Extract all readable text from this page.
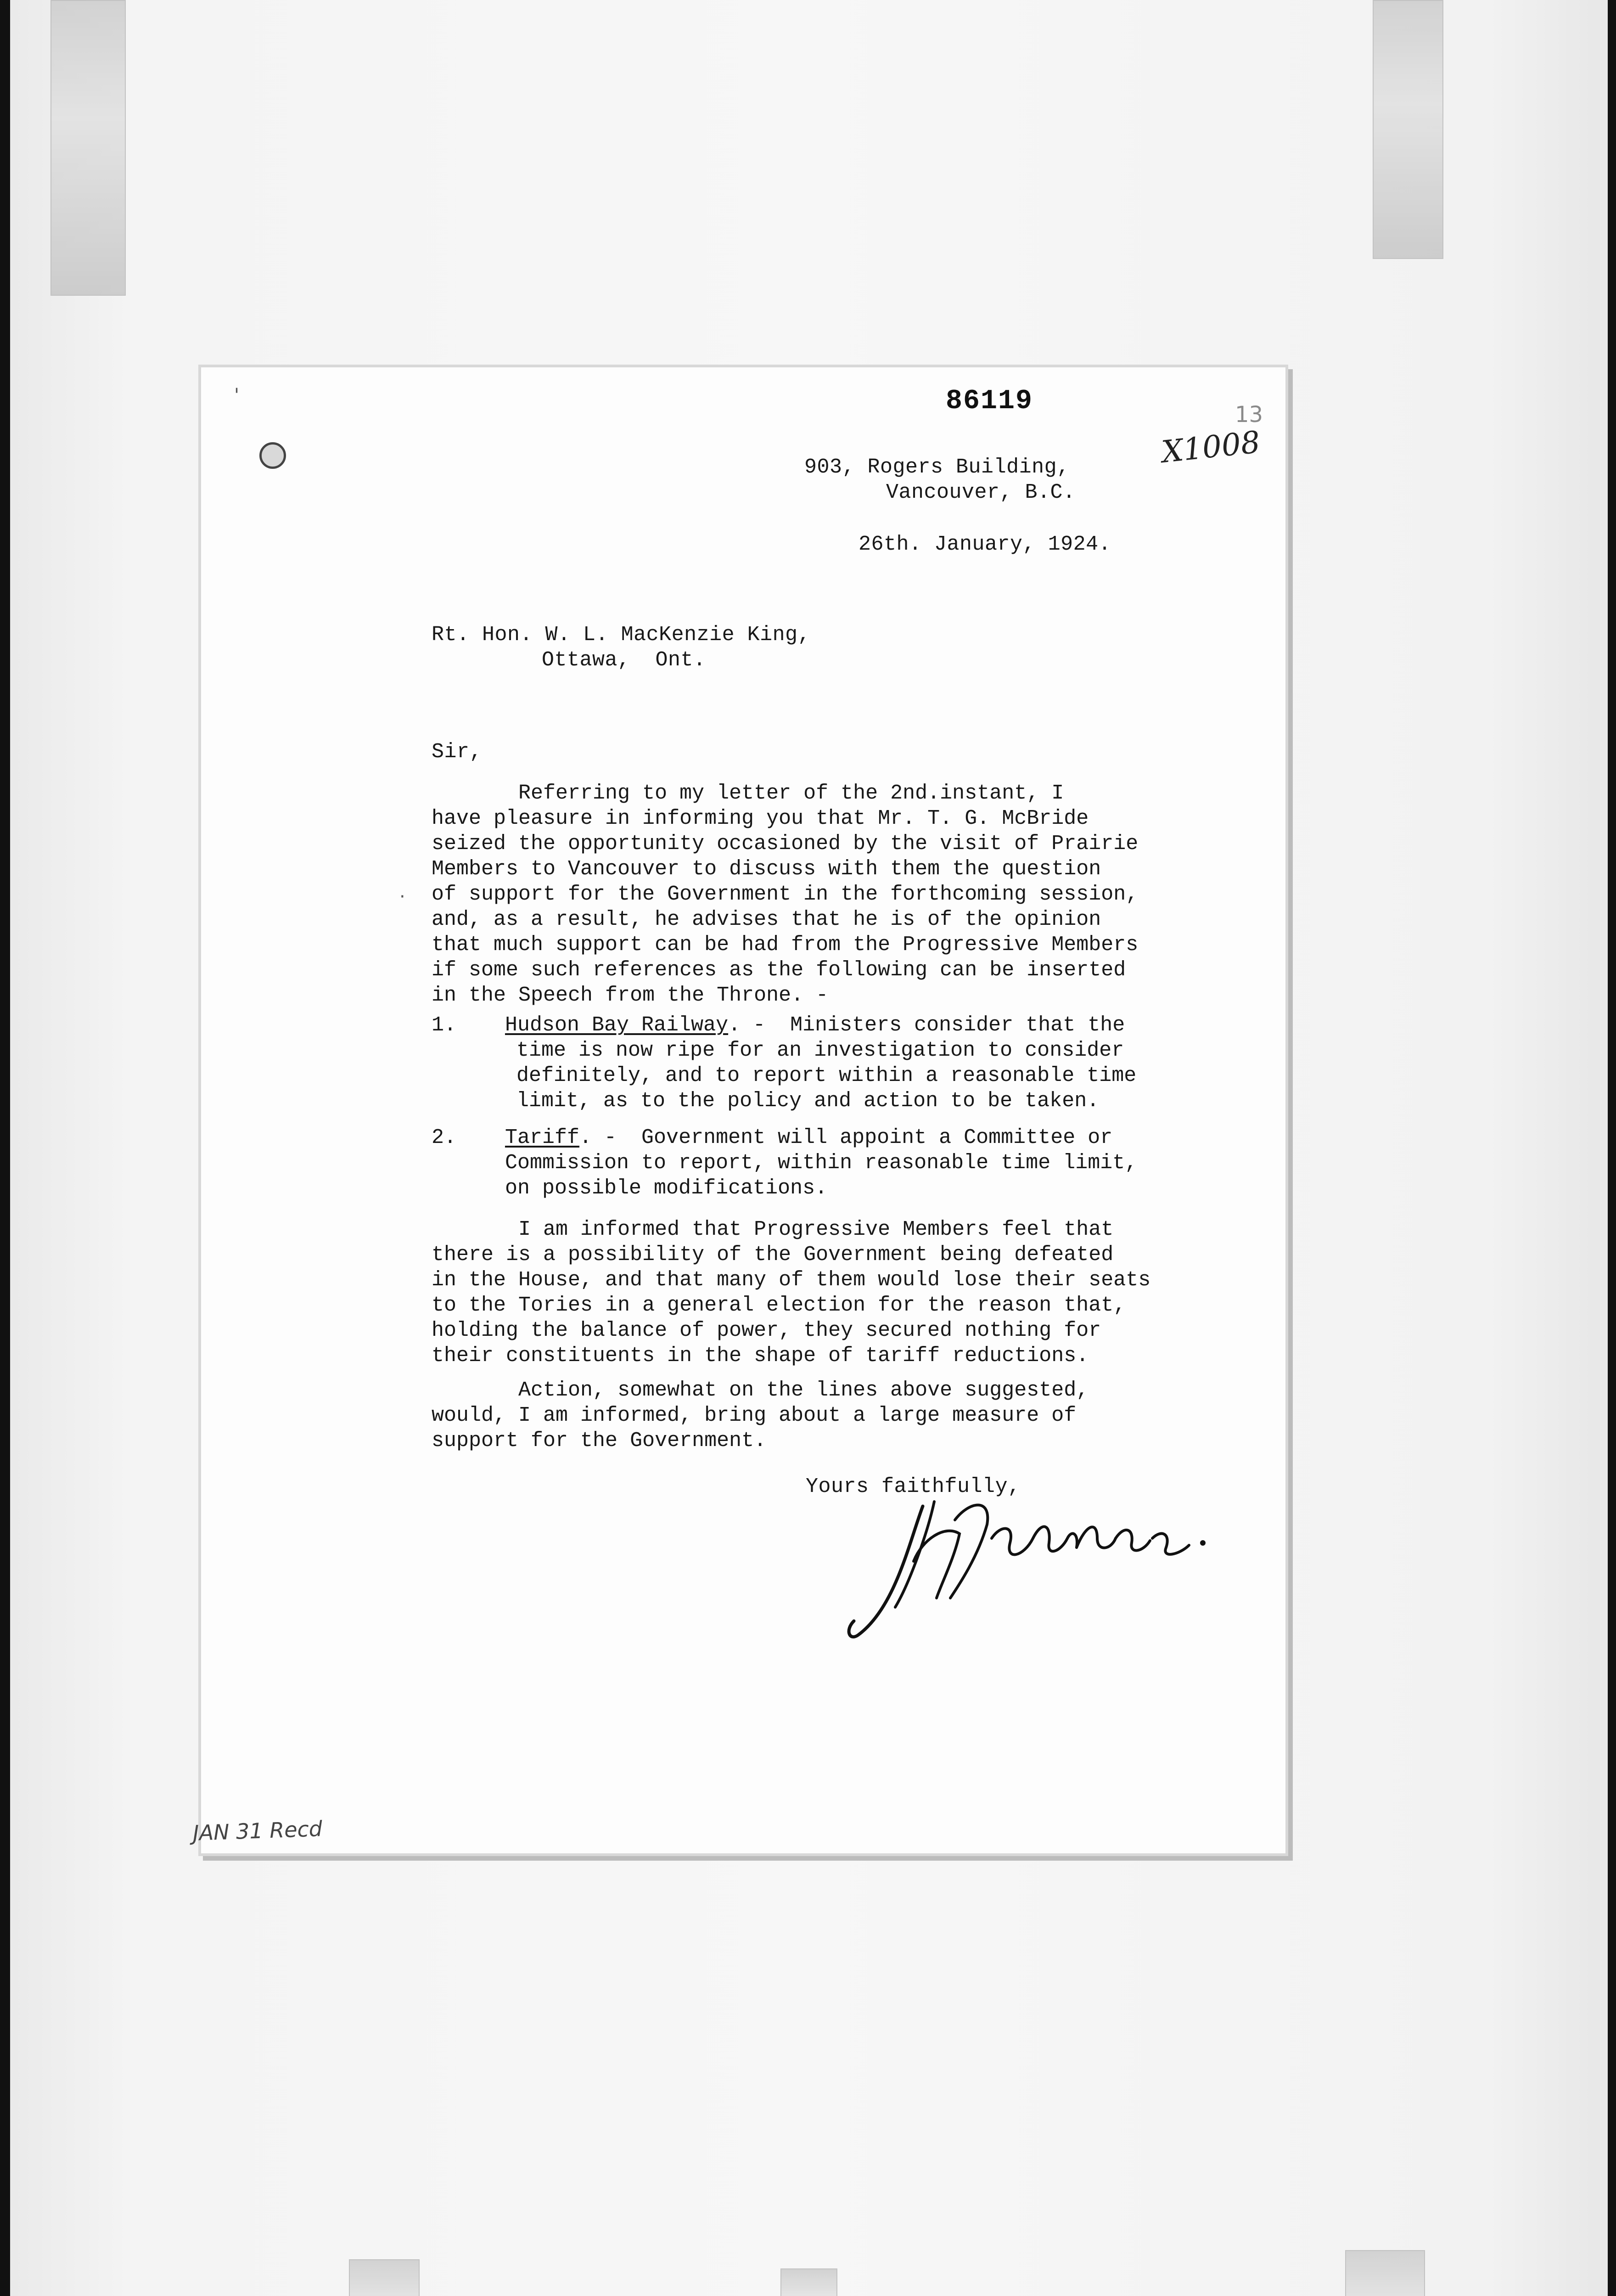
86119	13
X1008
'
·
903, Rogers Building,
Vancouver, B.C.
26th. January, 1924.
Rt. Hon. W. L. MacKenzie King,
Ottawa,  Ont.
Sir,
Referring to my letter of the 2nd.instant, I
have pleasure in informing you that Mr. T. G. McBride
seized the opportunity occasioned by the visit of Prairie
Members to Vancouver to discuss with them the question
of support for the Government in the forthcoming session,
and, as a result, he advises that he is of the opinion
that much support can be had from the Progressive Members
if some such references as the following can be inserted
in the Speech from the Throne. -
1. Hudson Bay Railway. -  Ministers consider that the
time is now ripe for an investigation to consider
definitely, and to report within a reasonable time
limit, as to the policy and action to be taken.
2. Tariff. -  Government will appoint a Committee or
Commission to report, within reasonable time limit,
on possible modifications.
I am informed that Progressive Members feel that
there is a possibility of the Government being defeated
in the House, and that many of them would lose their seats
to the Tories in a general election for the reason that,
holding the balance of power, they secured nothing for
their constituents in the shape of tariff reductions.
Action, somewhat on the lines above suggested,
would, I am informed, bring about a large measure of
support for the Government.
Yours faithfully,
JAN 31 Recd
